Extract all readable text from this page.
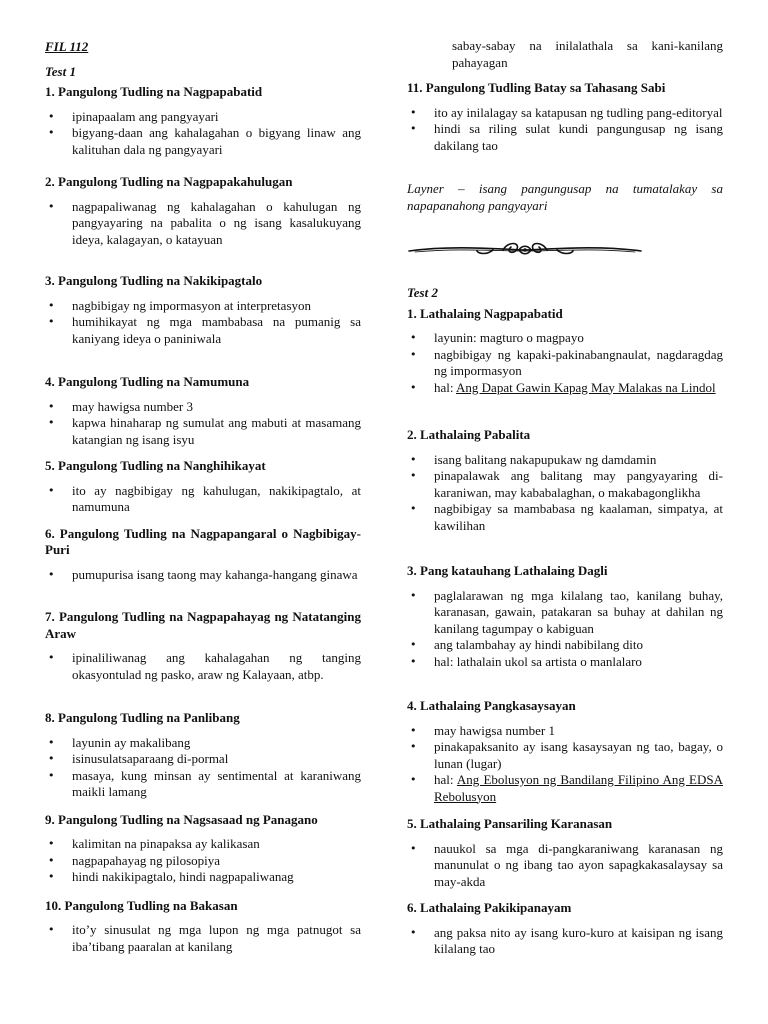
FIL 112
Test 1
1. Pangulong Tudling na Nagpapabatid
• ipinapaalam ang pangyayari
• bigyang-daan ang kahalagahan o bigyang linaw ang kalituhan dala ng pangyayari
2. Pangulong Tudling na Nagpapakahulugan
• nagpapaliwanag ng kahalagahan o kahulugan ng pangyayaring na pabalita o ng isang kasalukuyang ideya, kalagayan, o katayuan
3. Pangulong Tudling na Nakikipagtalo
• nagbibigay ng impormasyon at interpretasyon
• humihikayat ng mga mambabasa na pumanig sa kaniyang ideya o paniniwala
4. Pangulong Tudling na Namumuna
• may hawigsa number 3
• kapwa hinaharap ng sumulat ang mabuti at masamang katangian ng isang isyu
5. Pangulong Tudling na Nanghihikayat
• ito ay nagbibigay ng kahulugan, nakikipagtalo, at namumuna
6. Pangulong Tudling na Nagpapangaral o Nagbibigay-Puri
• pumupurisa isang taong may kahanga-hangang ginawa
7. Pangulong Tudling na Nagpapahayag ng Natatanging Araw
• ipinaliliwanag ang kahalagahan ng tanging okasyontulad ng pasko, araw ng Kalayaan, atbp.
8. Pangulong Tudling na Panlibang
• layunin ay makalibang
• isinusulatsaparaang di-pormal
• masaya, kung minsan ay sentimental at karaniwang maikli lamang
9. Pangulong Tudling na Nagsasaad ng Panagano
• kalimitan na pinapaksa ay kalikasan
• nagpapahayag ng pilosopiya
• hindi nakikipagtalo, hindi nagpapaliwanag
10. Pangulong Tudling na Bakasan
• ito’y sinusulat ng mga lupon ng mga patnugot sa iba’tibang paaralan at kanilang
sabay-sabay na inilalathala sa kani-kanilang pahayagan
11. Pangulong Tudling Batay sa Tahasang Sabi
• ito ay inilalagay sa katapusan ng tudling pang-editoryal
• hindi sa riling sulat kundi pangungusap ng isang dakilang tao
Layner – isang pangungusap na tumatalakay sa napapanahong pangyayari
Test 2
1. Lathalaing Nagpapabatid
• layunin: magturo o magpayo
• nagbibigay ng kapaki-pakinabangnaulat, nagdaragdag ng impormasyon
• hal: Ang Dapat Gawin Kapag May Malakas na Lindol
2. Lathalaing Pabalita
• isang balitang nakapupukaw ng damdamin
• pinapalawak ang balitang may pangyayaring di-karaniwan, may kababalaghan, o makabagonglikha
• nagbibigay sa mambabasa ng kaalaman, simpatya, at kawilihan
3. Pang katauhang Lathalaing Dagli
• paglalarawan ng mga kilalang tao, kanilang buhay, karanasan, gawain, patakaran sa buhay at dahilan ng kanilang tagumpay o kabiguan
• ang talambahay ay hindi nabibilang dito
• hal: lathalain ukol sa artista o manlalaro
4. Lathalaing Pangkasaysayan
• may hawigsa number 1
• pinakapaksanito ay isang kasaysayan ng tao, bagay, o lunan (lugar)
• hal: Ang Ebolusyon ng Bandilang Filipino Ang EDSA Rebolusyon
5. Lathalaing Pansariling Karanasan
• nauukol sa mga di-pangkaraniwang karanasan ng manunulat o ng ibang tao ayon sapagkakasalaysay sa may-akda
6. Lathalaing Pakikipanayam
• ang paksa nito ay isang kuro-kuro at kaisipan ng isang kilalang tao
